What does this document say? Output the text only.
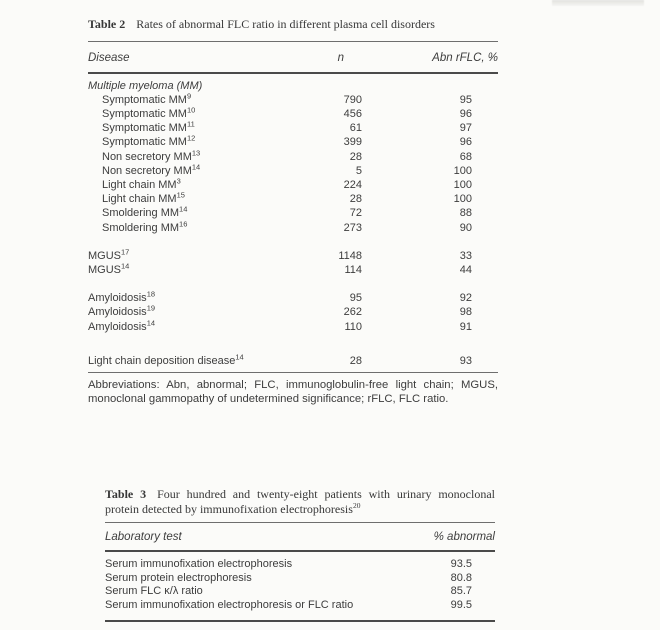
Table 2 Rates of abnormal FLC ratio in different plasma cell disorders
Disease	n	Abn rFLC, %
Multiple myeloma (MM)
Symptomatic $MM^9$	790	95
Symptomatic MM$^{10}$	456	96
Symptomatic MM$^{11}$	61	97
Symptomatic MM$^{12}$	399	96
Non secretory MM$^{13}$	28	68
Non secretory MM$^{14}$	5	100
Light chain $MM^3$	224	100
Light chain MM$^{15}$	28	100
Smoldering MM$^{14}$	72	88
Smoldering MM$^{16}$	273	90
MGUS$^{17}$	1148	33
MGUS$^{14}$	114	44
Amyloidosis$^{18}$	95	92
Amyloidosis$^{19}$	262	98
Amyloidosis$^{14}$	110	91
Light chain deposition disease$^{14}$	28	93
Abbreviations: Abn, abnormal; FLC, immunoglobulin-free light chain; MGUS, monoclonal gammopathy of undetermined significance; rFLC, FLC ratio.
Table 3 Four hundred and twenty-eight patients with urinary monoclonal protein detected by immunofixation electrophoresis$^{20}$
Laboratory test	% abnormal
Serum immunofixation electrophoresis	93.5
Serum protein electrophoresis	80.8
Serum FLC κ/λ ratio	85.7
Serum immunofixation electrophoresis or FLC ratio	99.5
